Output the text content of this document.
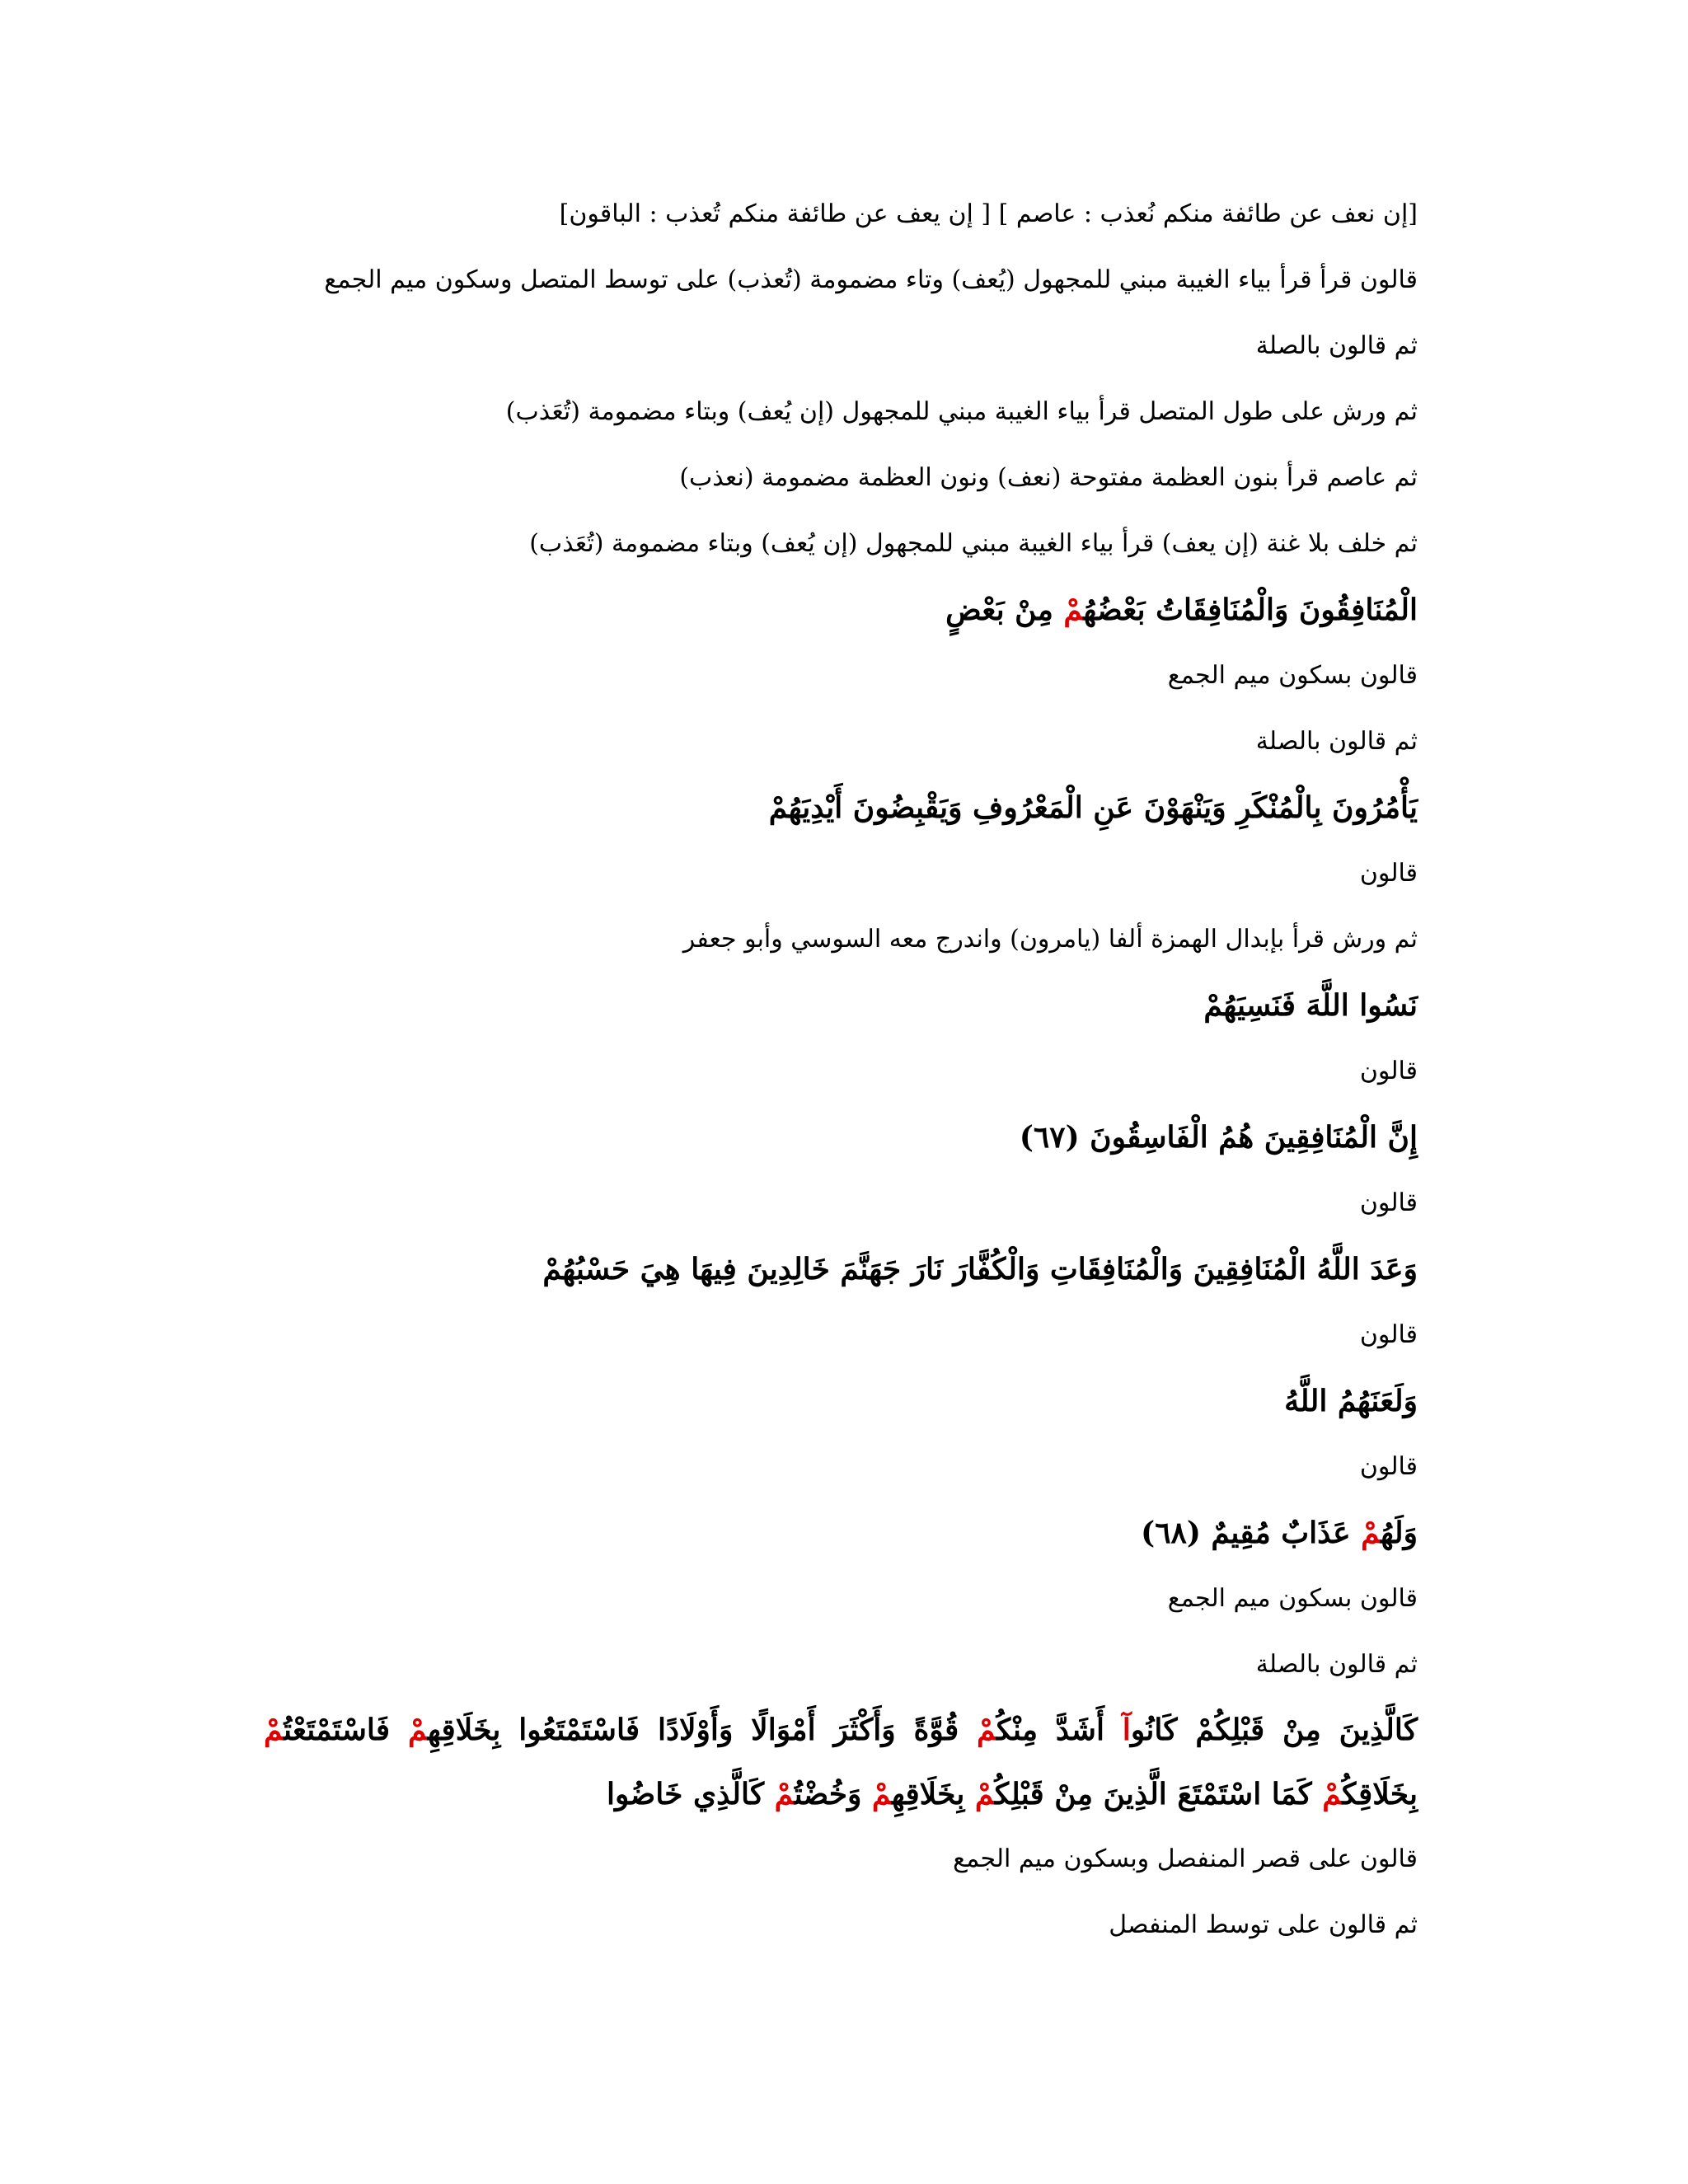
[إن نعف عن طائفة منكم نُعذب : عاصم ] [ إن يعف عن طائفة منكم تُعذب : الباقون]
قالون قرأ قرأ بياء الغيبة مبني للمجهول (يُعف) وتاء مضمومة (تُعذب) على توسط المتصل وسكون ميم الجمع
ثم قالون بالصلة
ثم ورش على طول المتصل قرأ بياء الغيبة مبني للمجهول (إن يُعف) وبتاء مضمومة (تُعَذب)
ثم عاصم قرأ بنون العظمة مفتوحة (نعف) ونون العظمة مضمومة (نعذب)
ثم خلف بلا غنة (إن يعف) قرأ بياء الغيبة مبني للمجهول (إن يُعف) وبتاء مضمومة (تُعَذب)
الْمُنَافِقُونَ وَالْمُنَافِقَاتُ بَعْضُهُمْ مِنْ بَعْضٍ
قالون بسكون ميم الجمع
ثم قالون بالصلة
يَأْمُرُونَ بِالْمُنْكَرِ وَيَنْهَوْنَ عَنِ الْمَعْرُوفِ وَيَقْبِضُونَ أَيْدِيَهُمْ
قالون
ثم ورش قرأ بإبدال الهمزة ألفا (يامرون) واندرج معه السوسي وأبو جعفر
نَسُوا اللَّهَ فَنَسِيَهُمْ
قالون
إِنَّ الْمُنَافِقِينَ هُمُ الْفَاسِقُونَ (٦٧)
قالون
وَعَدَ اللَّهُ الْمُنَافِقِينَ وَالْمُنَافِقَاتِ وَالْكُفَّارَ نَارَ جَهَنَّمَ خَالِدِينَ فِيهَا هِيَ حَسْبُهُمْ
قالون
وَلَعَنَهُمُ اللَّهُ
قالون
وَلَهُمْ عَذَابٌ مُقِيمٌ (٦٨)
قالون بسكون ميم الجمع
ثم قالون بالصلة
كَالَّذِينَ مِنْ قَبْلِكُمْ كَانُوآ أَشَدَّ مِنْكُمْ قُوَّةً وَأَكْثَرَ أَمْوَالًا وَأَوْلَادًا فَاسْتَمْتَعُوا بِخَلَاقِهِمْ فَاسْتَمْتَعْتُمْ بِخَلَاقِكُمْ كَمَا اسْتَمْتَعَ الَّذِينَ مِنْ قَبْلِكُمْ بِخَلَاقِهِمْ وَخُضْتُمْ كَالَّذِي خَاضُوا
قالون على قصر المنفصل وبسكون ميم الجمع
ثم قالون على توسط المنفصل
